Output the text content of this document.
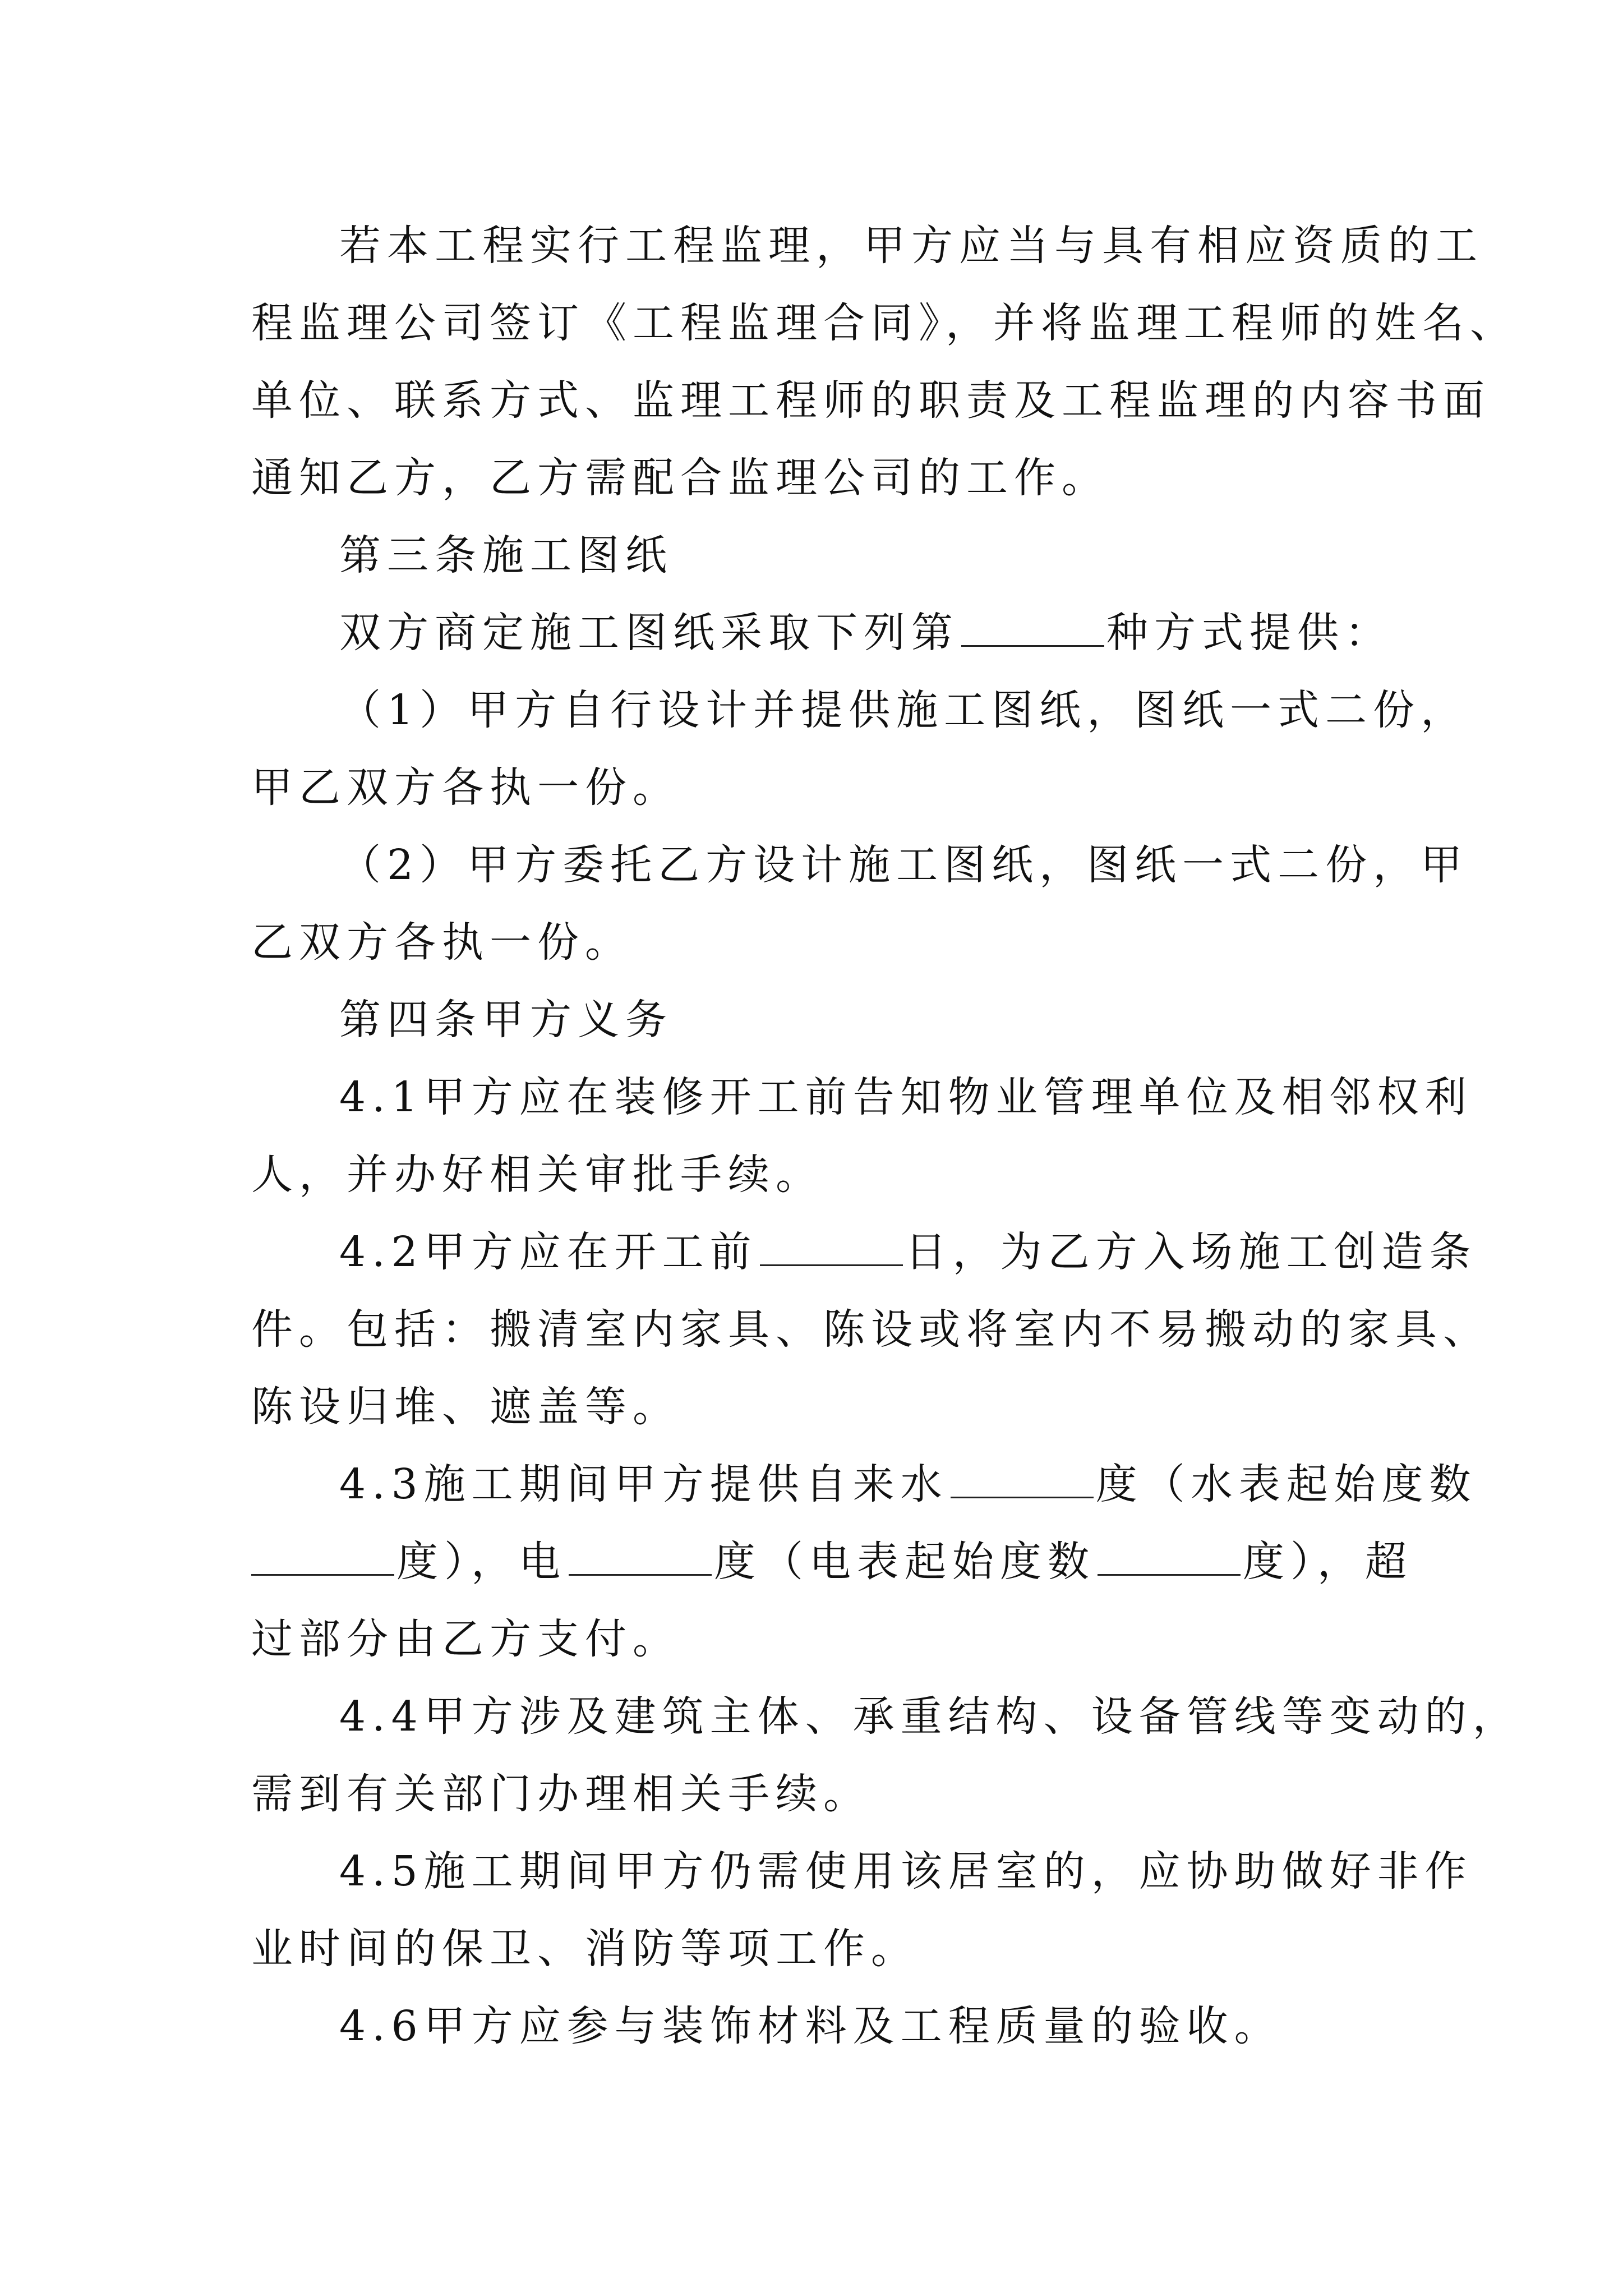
若本工程实行工程监理，甲方应当与具有相应资质的工
程监理公司签订《工程监理合同》，并将监理工程师的姓名、
单位、联系方式、监理工程师的职责及工程监理的内容书面
通知乙方，乙方需配合监理公司的工作。
第三条施工图纸
双方商定施工图纸采取下列第	种方式提供：
（1）甲方自行设计并提供施工图纸，图纸一式二份，
甲乙双方各执一份。
（2）甲方委托乙方设计施工图纸，图纸一式二份，甲
乙双方各执一份。
第四条甲方义务
4.1甲方应在装修开工前告知物业管理单位及相邻权利
人，并办好相关审批手续。
4.2甲方应在开工前	日，为乙方入场施工创造条
件。包括：搬清室内家具、陈设或将室内不易搬动的家具、
陈设归堆、遮盖等。
4.3施工期间甲方提供自来水	度（水表起始度数
度），电	度（电表起始度数	度），超
过部分由乙方支付。
4.4甲方涉及建筑主体、承重结构、设备管线等变动的，
需到有关部门办理相关手续。
4.5施工期间甲方仍需使用该居室的，应协助做好非作
业时间的保卫、消防等项工作。
4.6甲方应参与装饰材料及工程质量的验收。
